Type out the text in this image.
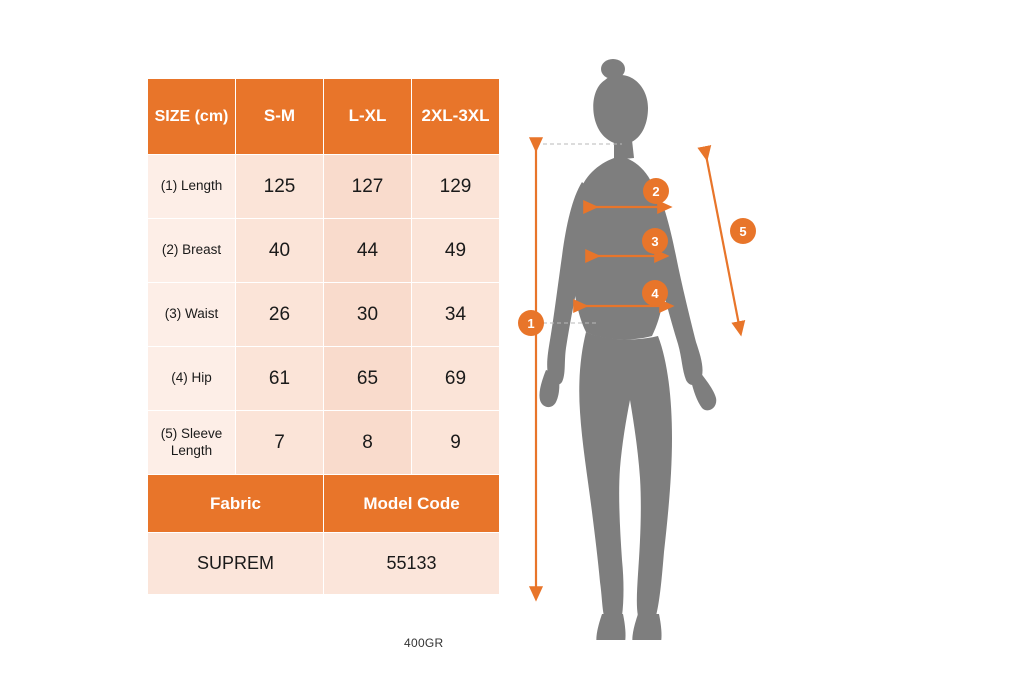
SIZE (cm)	S-M	L-XL	2XL-3XL
(1) Length	125	127	129
(2) Breast	40	44	49
(3) Waist	26	30	34
(4) Hip	61	65	69
(5) Sleeve Length	7	8	9
Fabric		Model Code	
SUPREM		55133	
400GR
1
2
3
4
5
